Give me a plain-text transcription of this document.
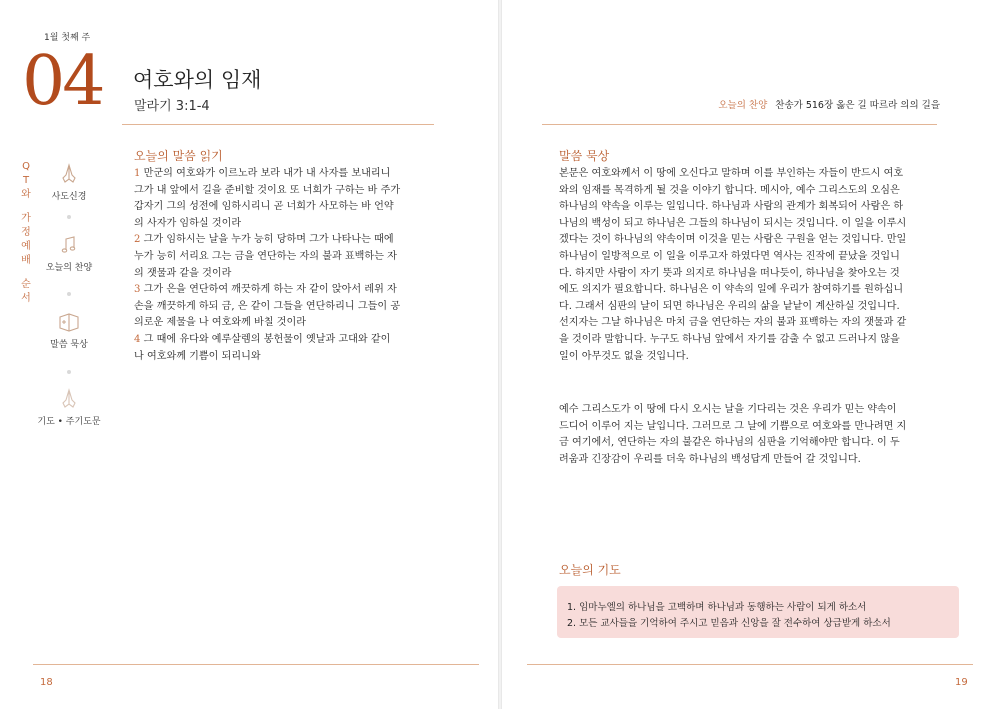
1월 첫째 주
04 여호와의 임재
말라기 3:1-4
Q
T
와
가
정
예
배
순
서
사도신경
오늘의 찬양
말씀 묵상
기도 • 주기도문
오늘의 말씀 읽기
1 만군의 여호와가 이르노라 보라 내가 내 사자를 보내리니
그가 내 앞에서 길을 준비할 것이요 또 너희가 구하는 바 주가
갑자기 그의 성전에 임하시리니 곧 너희가 사모하는 바 언약
의 사자가 임하실 것이라
2 그가 임하시는 날을 누가 능히 당하며 그가 나타나는 때에
누가 능히 서리요 그는 금을 연단하는 자의 불과 표백하는 자
의 잿물과 같을 것이라
3 그가 은을 연단하여 깨끗하게 하는 자 같이 앉아서 레위 자
손을 깨끗하게 하되 금, 은 같이 그들을 연단하리니 그들이 공
의로운 제물을 나 여호와께 바칠 것이라
4 그 때에 유다와 예루살렘의 봉헌물이 옛날과 고대와 같이
나 여호와께 기쁨이 되리니와
18
오늘의 찬양 찬송가 516장 옳은 길 따르라 의의 길을
말씀 묵상
본문은 여호와께서 이 땅에 오신다고 말하며 이를 부인하는 자들이 반드시 여호
와의 임재를 목격하게 될 것을 이야기 합니다. 메시아, 예수 그리스도의 오심은
하나님의 약속을 이루는 일입니다. 하나님과 사람의 관계가 회복되어 사람은 하
나님의 백성이 되고 하나님은 그들의 하나님이 되시는 것입니다. 이 일을 이루시
겠다는 것이 하나님의 약속이며 이것을 믿는 사람은 구원을 얻는 것입니다. 만일
하나님이 일방적으로 이 일을 이루고자 하였다면 역사는 진작에 끝났을 것입니
다. 하지만 사람이 자기 뜻과 의지로 하나님을 떠나듯이, 하나님을 찾아오는 것
에도 의지가 필요합니다. 하나님은 이 약속의 일에 우리가 참여하기를 원하십니
다. 그래서 심판의 날이 되면 하나님은 우리의 삶을 낱낱이 계산하실 것입니다.
선지자는 그날 하나님은 마치 금을 연단하는 자의 불과 표백하는 자의 잿물과 같
을 것이라 말합니다. 누구도 하나님 앞에서 자기를 감출 수 없고 드러나지 않을
일이 아무것도 없을 것입니다.
예수 그리스도가 이 땅에 다시 오시는 날을 기다리는 것은 우리가 믿는 약속이
드디어 이루어 지는 날입니다. 그러므로 그 날에 기쁨으로 여호와를 만나려면 지
금 여기에서, 연단하는 자의 불같은 하나님의 심판을 기억해야만 합니다. 이 두
려움과 긴장감이 우리를 더욱 하나님의 백성답게 만들어 갈 것입니다.
오늘의 기도
1. 임마누엘의 하나님을 고백하며 하나님과 동행하는 사람이 되게 하소서
2. 모든 교사들을 기억하여 주시고 믿음과 신앙을 잘 전수하여 상급받게 하소서
19
